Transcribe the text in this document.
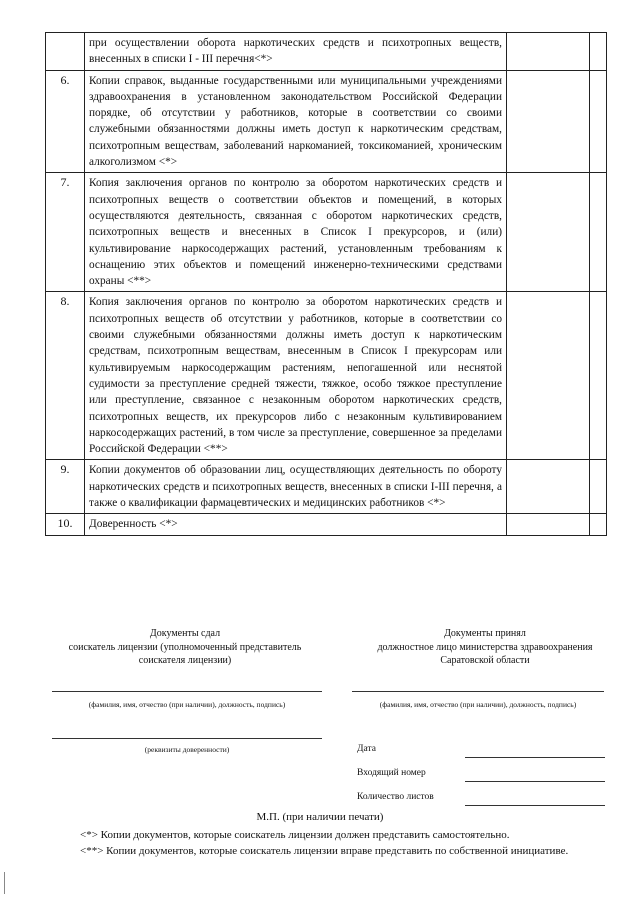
	при осуществлении оборота наркотических средств и психотропных веществ, внесенных в списки I - III перечня<*>		
6.	Копии справок, выданные государственными или муниципальными учреждениями здравоохранения в установленном законодательством Российской Федерации порядке, об отсутствии у работников, которые в соответствии со своими служебными обязанностями должны иметь доступ к наркотическим средствам, психотропным веществам, заболеваний наркоманией, токсикоманией, хроническим алкоголизмом <*>		
7.	Копия заключения органов по контролю за оборотом наркотических средств и психотропных веществ о соответствии объектов и помещений, в которых осуществляются деятельность, связанная с оборотом наркотических средств, психотропных веществ и внесенных в Список I прекурсоров, и (или) культивирование наркосодержащих растений, установленным требованиям к оснащению этих объектов и помещений инженерно-техническими средствами охраны <**>		
8.	Копия заключения органов по контролю за оборотом наркотических средств и психотропных веществ об отсутствии у работников, которые в соответствии со своими служебными обязанностями должны иметь доступ к наркотическим средствам, психотропным веществам, внесенным в Список I прекурсорам или культивируемым наркосодержащим растениям, непогашенной или неснятой судимости за преступление средней тяжести, тяжкое, особо тяжкое преступление или преступление, связанное с незаконным оборотом наркотических средств, психотропных веществ, их прекурсоров либо с незаконным культивированием наркосодержащих растений, в том числе за преступление, совершенное за пределами Российской Федерации <**>		
9.	Копии документов об образовании лиц, осуществляющих деятельность по обороту наркотических средств и психотропных веществ, внесенных в списки I-III перечня, а также о квалификации фармацевтических и медицинских работников <*>		
10.	Доверенность <*>		
Документы сдал
соискатель лицензии (уполномоченный представитель
соискателя лицензии)
Документы принял
должностное лицо министерства здравоохранения
Саратовской области
(фамилия, имя, отчество (при наличии), должность, подпись)	(фамилия, имя, отчество (при наличии), должность, подпись)
(реквизиты доверенности)	Дата
Входящий номер
Количество листов
М.П. (при наличии печати)
<*> Копии документов, которые соискатель лицензии должен представить самостоятельно.
<**> Копии документов, которые соискатель лицензии вправе представить по собственной инициативе.
